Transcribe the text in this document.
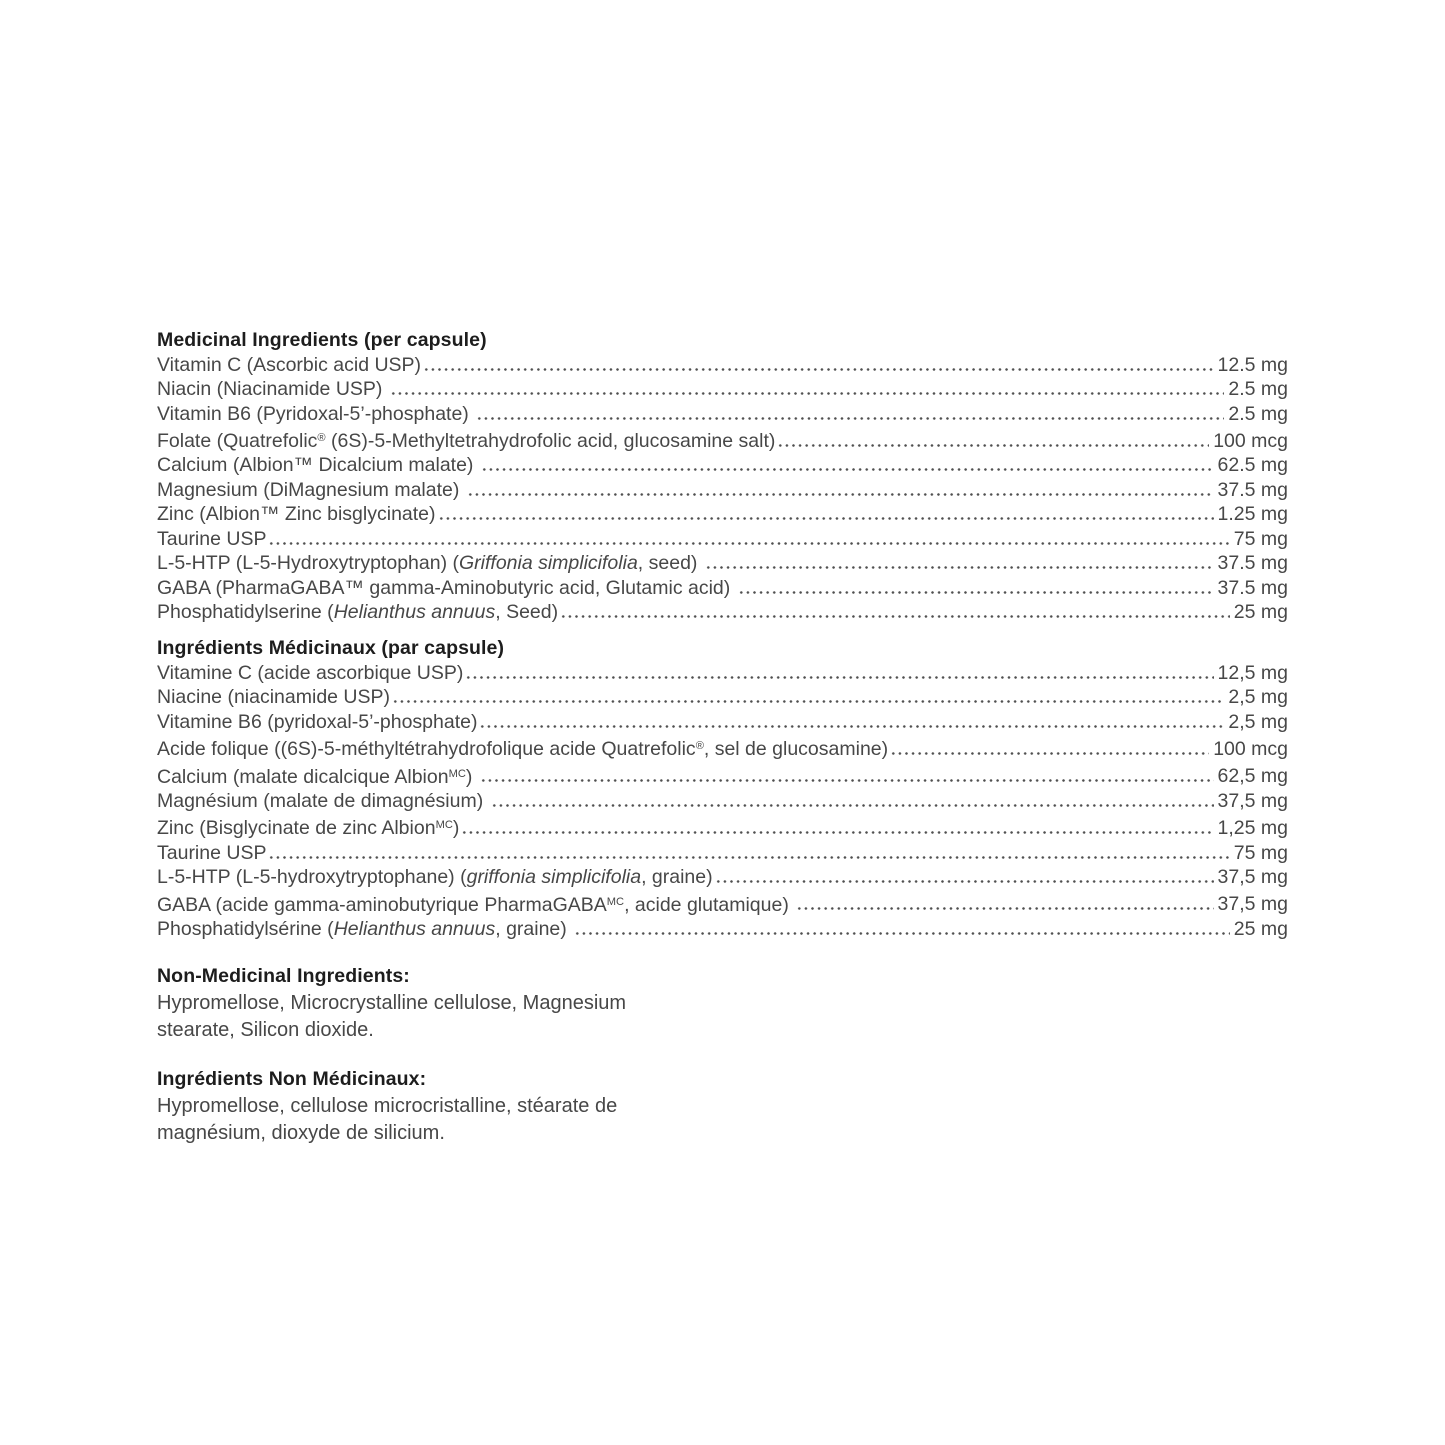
Medicinal Ingredients (per capsule)
Vitamin C (Ascorbic acid USP)	12.5 mg
Niacin (Niacinamide USP)	2.5 mg
Vitamin B6 (Pyridoxal-5’-phosphate)	2.5 mg
Folate (Quatrefolic® (6S)-5-Methyltetrahydrofolic acid, glucosamine salt)	100 mcg
Calcium (Albion™ Dicalcium malate)	62.5 mg
Magnesium (DiMagnesium malate)	37.5 mg
Zinc (Albion™ Zinc bisglycinate)	1.25 mg
Taurine USP	75 mg
L-5-HTP (L-5-Hydroxytryptophan) (Griffonia simplicifolia, seed)	37.5 mg
GABA (PharmaGABA™ gamma-Aminobutyric acid, Glutamic acid)	37.5 mg
Phosphatidylserine (Helianthus annuus, Seed)	25 mg
Ingrédients Médicinaux (par capsule)
Vitamine C (acide ascorbique USP)	12,5 mg
Niacine (niacinamide USP)	2,5 mg
Vitamine B6 (pyridoxal-5’-phosphate)	2,5 mg
Acide folique ((6S)-5-méthyltétrahydrofolique acide Quatrefolic®, sel de glucosamine)	100 mcg
Calcium (malate dicalcique Albion$^{MC}$)	62,5 mg
Magnésium (malate de dimagnésium)	37,5 mg
Zinc (Bisglycinate de zinc Albion$^{MC}$)	1,25 mg
Taurine USP	75 mg
L-5-HTP (L-5-hydroxytryptophane) (griffonia simplicifolia, graine)	37,5 mg
GABA (acide gamma-aminobutyrique PharmaGABA$^{MC}$, acide glutamique)	37,5 mg
Phosphatidylsérine (Helianthus annuus, graine)	25 mg
Non-Medicinal Ingredients:

Hypromellose, Microcrystalline cellulose, Magnesium stearate, Silicon dioxide.

Ingrédients Non Médicinaux:

Hypromellose, cellulose microcristalline, stéarate de magnésium, dioxyde de silicium.
